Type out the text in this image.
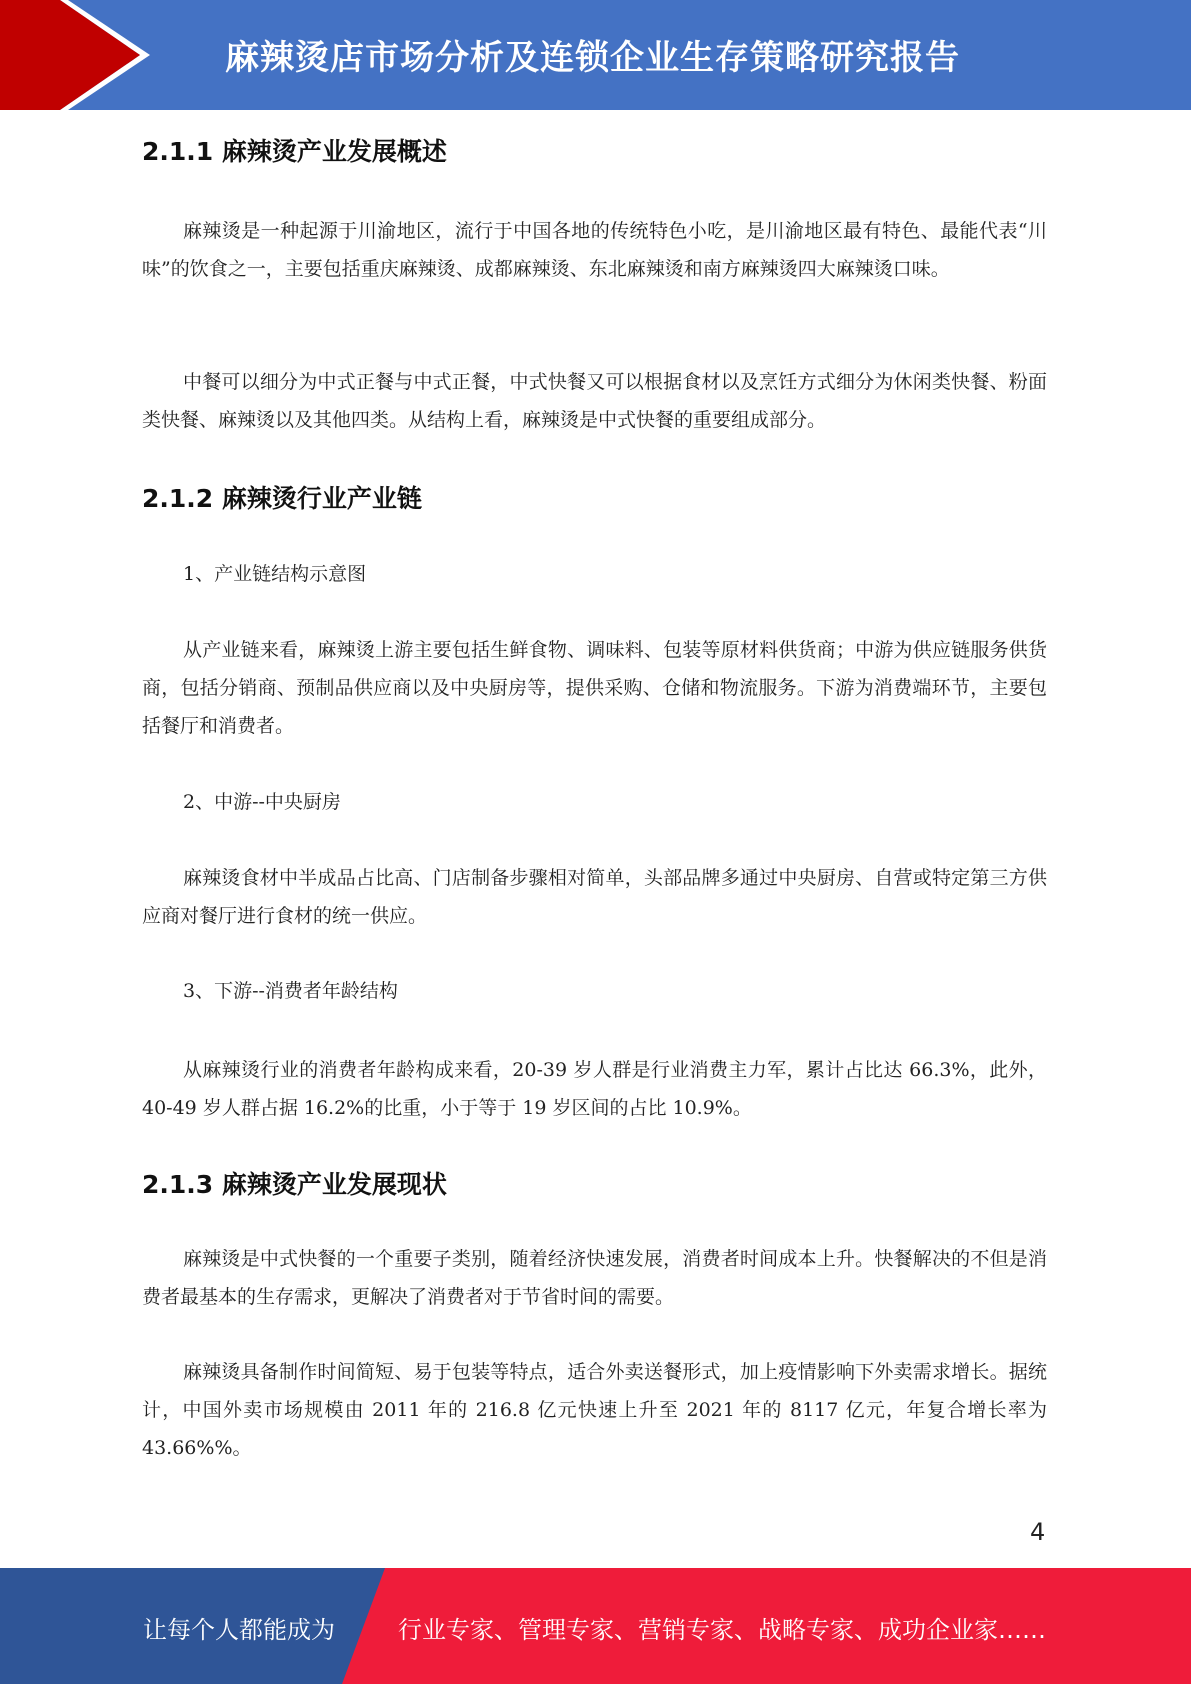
麻辣烫店市场分析及连锁企业生存策略研究报告
2.1.1 麻辣烫产业发展概述

麻辣烫是一种起源于川渝地区，流行于中国各地的传统特色小吃，是川渝地区最有特色、最能代表“川味”的饮食之一，主要包括重庆麻辣烫、成都麻辣烫、东北麻辣烫和南方麻辣烫四大麻辣烫口味。

中餐可以细分为中式正餐与中式正餐，中式快餐又可以根据食材以及烹饪方式细分为休闲类快餐、粉面类快餐、麻辣烫以及其他四类。从结构上看，麻辣烫是中式快餐的重要组成部分。

2.1.2 麻辣烫行业产业链

1、产业链结构示意图

从产业链来看，麻辣烫上游主要包括生鲜食物、调味料、包装等原材料供货商；中游为供应链服务供货商，包括分销商、预制品供应商以及中央厨房等，提供采购、仓储和物流服务。下游为消费端环节，主要包括餐厅和消费者。

2、中游--中央厨房

麻辣烫食材中半成品占比高、门店制备步骤相对简单，头部品牌多通过中央厨房、自营或特定第三方供应商对餐厅进行食材的统一供应。

3、下游--消费者年龄结构

从麻辣烫行业的消费者年龄构成来看，20-39 岁人群是行业消费主力军，累计占比达 66.3%，此外，40-49 岁人群占据 16.2%的比重，小于等于 19 岁区间的占比 10.9%。

2.1.3 麻辣烫产业发展现状

麻辣烫是中式快餐的一个重要子类别，随着经济快速发展，消费者时间成本上升。快餐解决的不但是消费者最基本的生存需求，更解决了消费者对于节省时间的需要。

麻辣烫具备制作时间简短、易于包装等特点，适合外卖送餐形式，加上疫情影响下外卖需求增长。据统计，中国外卖市场规模由 2011 年的 216.8 亿元快速上升至 2021 年的 8117 亿元，年复合增长率为 43.66%%。

4
让每个人都能成为	行业专家、管理专家、营销专家、战略专家、成功企业家……
